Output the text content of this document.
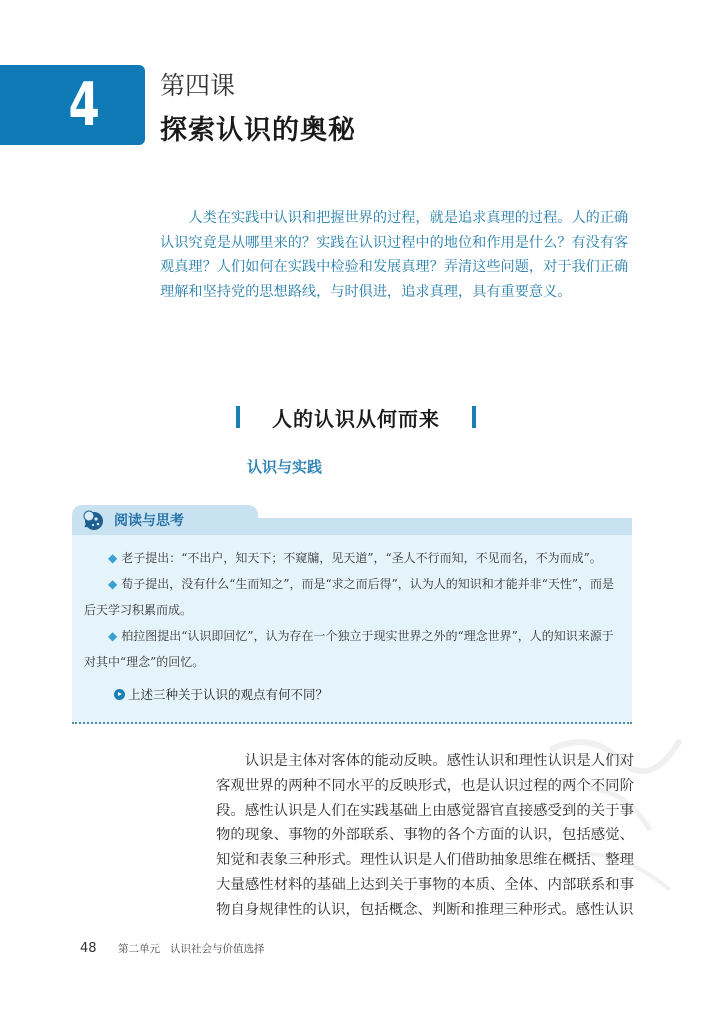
4 第四课
探索认识的奥秘

人类在实践中认识和把握世界的过程，就是追求真理的过程。人的正确认识究竟是从哪里来的？实践在认识过程中的地位和作用是什么？有没有客观真理？人们如何在实践中检验和发展真理？弄清这些问题，对于我们正确理解和坚持党的思想路线，与时俱进，追求真理，具有重要意义。

人的认识从何而来
认识与实践
阅读与思考

◆ 老子提出：“不出户，知天下；不窥牖，见天道”，“圣人不行而知，不见而名，不为而成”。

◆ 荀子提出，没有什么“生而知之”，而是“求之而后得”，认为人的知识和才能并非“天性”，而是后天学习积累而成。

◆ 柏拉图提出“认识即回忆”，认为存在一个独立于现实世界之外的“理念世界”，人的知识来源于对其中“理念”的回忆。

上述三种关于认识的观点有何不同？

认识是主体对客体的能动反映。感性认识和理性认识是人们对客观世界的两种不同水平的反映形式，也是认识过程的两个不同阶段。感性认识是人们在实践基础上由感觉器官直接感受到的关于事物的现象、事物的外部联系、事物的各个方面的认识，包括感觉、知觉和表象三种形式。理性认识是人们借助抽象思维在概括、整理大量感性材料的基础上达到关于事物的本质、全体、内部联系和事物自身规律性的认识，包括概念、判断和推理三种形式。感性认识

48	第二单元 认识社会与价值选择
